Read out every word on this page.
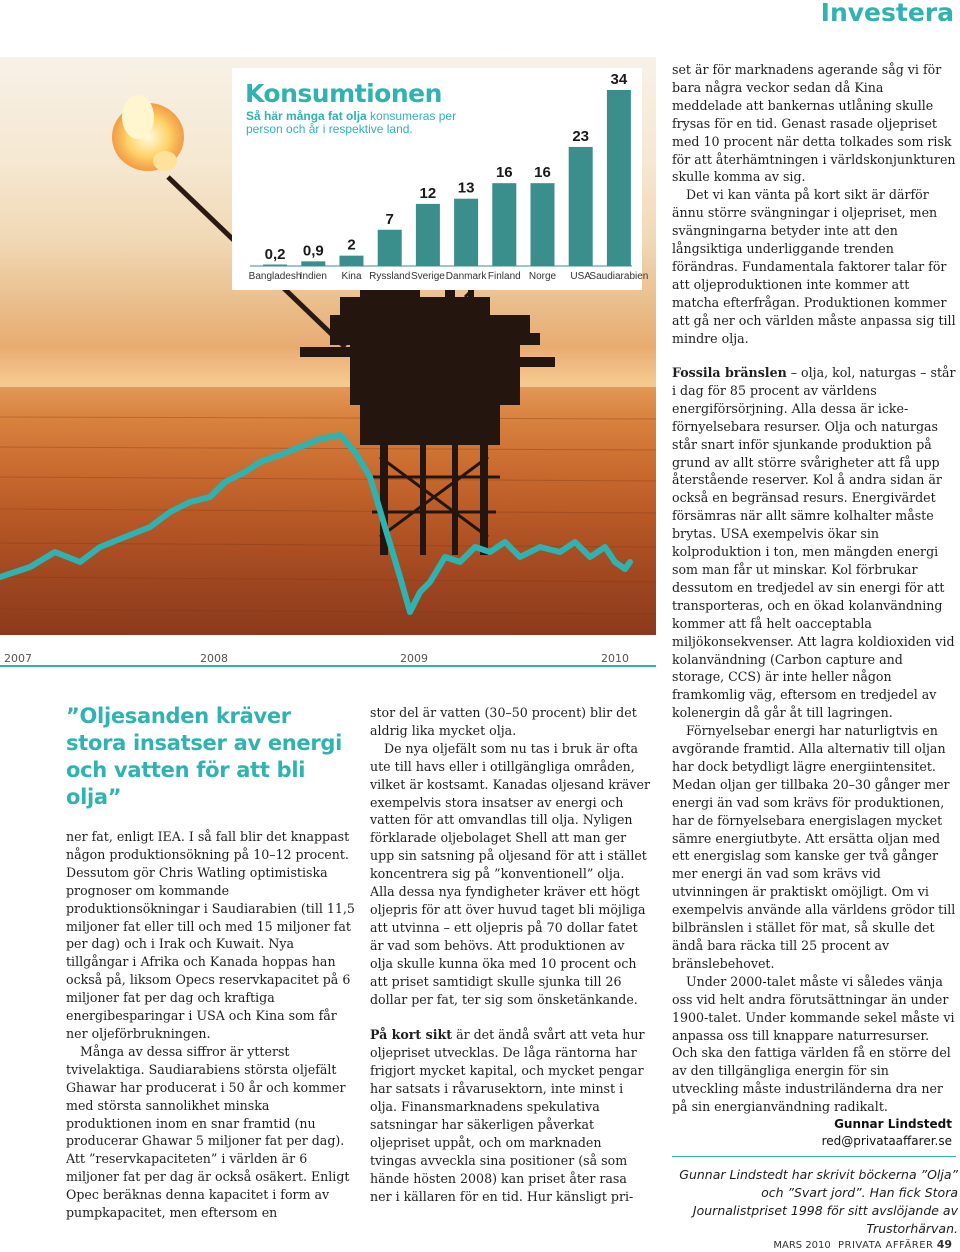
Investera
Konsumtionen
Så här många fat olja konsumeras per person och år i respektive land.
0,2
Bangladesh
0,9
Indien
2
Kina
7
Ryssland
12
Sverige
13
Danmark
16
Finland
16
Norge
23
USA
34
Saudiarabien
2007	2008	2009	2010
”Oljesanden kräver stora insatser av energi och vatten för att bli olja”

ner fat, enligt IEA. I så fall blir det knappast någon produktionsökning på 10–12 procent. Dessutom gör Chris Watling optimistiska prognoser om kommande produktionsökningar i Saudiarabien (till 11,5 miljoner fat eller till och med 15 miljoner fat per dag) och i Irak och Kuwait. Nya tillgångar i Afrika och Kanada hoppas han också på, liksom Opecs reservkapacitet på 6 miljoner fat per dag och kraftiga energibesparingar i USA och Kina som får ner oljeförbrukningen.

Många av dessa siffror är ytterst tvivelaktiga. Saudiarabiens största oljefält Ghawar har producerat i 50 år och kommer med största sannolikhet minska produktionen inom en snar framtid (nu producerar Ghawar 5 miljoner fat per dag). Att ”reservkapaciteten” i världen är 6 miljoner fat per dag är också osäkert. Enligt Opec beräknas denna kapacitet i form av pumpkapacitet, men eftersom en

stor del är vatten (30–50 procent) blir det aldrig lika mycket olja.

De nya oljefält som nu tas i bruk är ofta ute till havs eller i otillgängliga områden, vilket är kostsamt. Kanadas oljesand kräver exempelvis stora insatser av energi och vatten för att omvandlas till olja. Nyligen förklarade oljebolaget Shell att man ger upp sin satsning på oljesand för att i stället koncentrera sig på ”konventionell” olja. Alla dessa nya fyndigheter kräver ett högt oljepris för att över huvud taget bli möjliga att utvinna – ett oljepris på 70 dollar fatet är vad som behövs. Att produktionen av olja skulle kunna öka med 10 procent och att priset samtidigt skulle sjunka till 26 dollar per fat, ter sig som önsketänkande.

På kort sikt är det ändå svårt att veta hur oljepriset utvecklas. De låga räntorna har frigjort mycket kapital, och mycket pengar har satsats i råvarusektorn, inte minst i olja. Finansmarknadens spekulativa satsningar har säkerligen påverkat oljepriset uppåt, och om marknaden tvingas avveckla sina positioner (så som hände hösten 2008) kan priset åter rasa ner i källaren för en tid. Hur känsligt pri-

set är för marknadens agerande såg vi för bara några veckor sedan då Kina meddelade att bankernas utlåning skulle frysas för en tid. Genast rasade oljepriset med 10 procent när detta tolkades som risk för att återhämtningen i världskonjunkturen skulle komma av sig.

Det vi kan vänta på kort sikt är därför ännu större svängningar i oljepriset, men svängningarna betyder inte att den långsiktiga underliggande trenden förändras. Fundamentala faktorer talar för att oljeproduktionen inte kommer att matcha efterfrågan. Produktionen kommer att gå ner och världen måste anpassa sig till mindre olja.

Fossila bränslen – olja, kol, naturgas – står i dag för 85 procent av världens energiförsörjning. Alla dessa är icke-förnyelsebara resurser. Olja och naturgas står snart inför sjunkande produktion på grund av allt större svårigheter att få upp återstående reserver. Kol å andra sidan är också en begränsad resurs. Energivärdet försämras när allt sämre kolhalter måste brytas. USA exempelvis ökar sin kolproduktion i ton, men mängden energi som man får ut minskar. Kol förbrukar dessutom en tredjedel av sin energi för att transporteras, och en ökad kolanvändning kommer att få helt oacceptabla miljökonsekvenser. Att lagra koldioxiden vid kolanvändning (Carbon capture and storage, CCS) är inte heller någon framkomlig väg, eftersom en tredjedel av kolenergin då går åt till lagringen.

Förnyelsebar energi har naturligtvis en avgörande framtid. Alla alternativ till oljan har dock betydligt lägre energiintensitet. Medan oljan ger tillbaka 20–30 gånger mer energi än vad som krävs för produktionen, har de förnyelsebara energislagen mycket sämre energiutbyte. Att ersätta oljan med ett energislag som kanske ger två gånger mer energi än vad som krävs vid utvinningen är praktiskt omöjligt. Om vi exempelvis använde alla världens grödor till bilbränslen i stället för mat, så skulle det ändå bara räcka till 25 procent av bränslebehovet.

Under 2000-talet måste vi således vänja oss vid helt andra förutsättningar än under 1900-talet. Under kommande sekel måste vi anpassa oss till knappare naturresurser. Och ska den fattiga världen få en större del av den tillgängliga energin för sin utveckling måste industriländerna dra ner på sin energianvändning radikalt.

Gunnar Lindstedt
red@privataaffarer.se
Gunnar Lindstedt har skrivit böckerna ”Olja” och ”Svart jord”. Han fick Stora Journalistpriset 1998 för sitt avslöjande av Trustorhärvan.
MARS 2010 PRIVATA AFFÄRER 49
